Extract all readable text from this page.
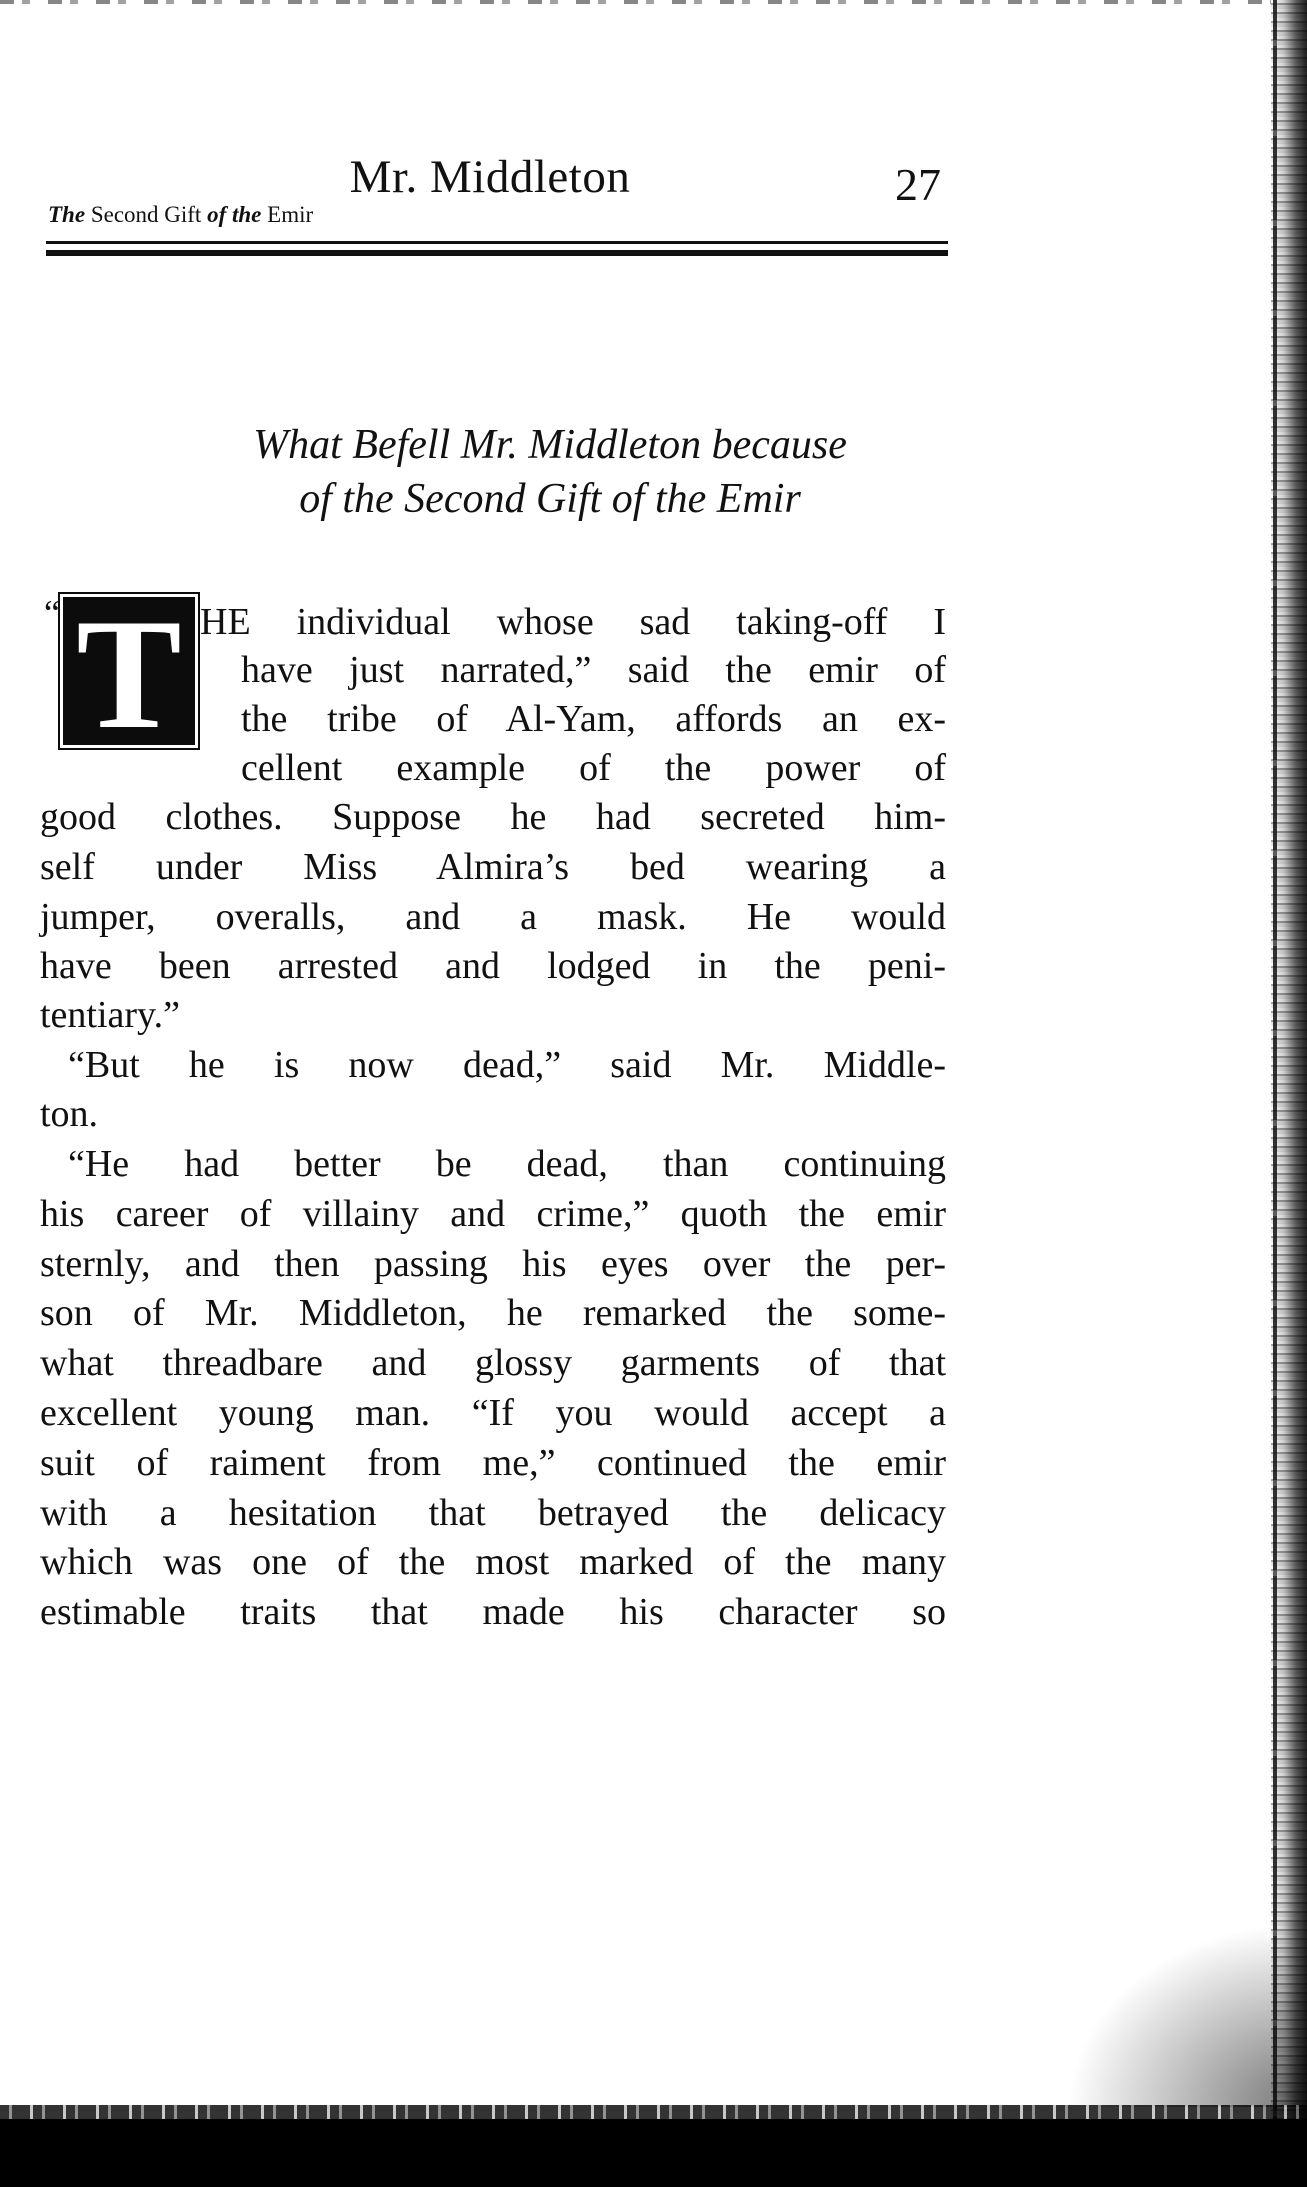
Mr. Middleton	27
The Second Gift of the Emir
What Befell Mr. Middleton because
of the Second Gift of the Emir
“ T HE individual whose sad taking-off I
have just narrated,” said the emir of
the tribe of Al-Yam, affords an ex-
cellent example of the power of
good clothes. Suppose he had secreted him-
self under Miss Almira’s bed wearing a
jumper, overalls, and a mask. He would
have been arrested and lodged in the peni-
tentiary.”
“But he is now dead,” said Mr. Middle-
ton.
“He had better be dead, than continuing
his career of villainy and crime,” quoth the emir
sternly, and then passing his eyes over the per-
son of Mr. Middleton, he remarked the some-
what threadbare and glossy garments of that
excellent young man. “If you would accept a
suit of raiment from me,” continued the emir
with a hesitation that betrayed the delicacy
which was one of the most marked of the many
estimable traits that made his character so
